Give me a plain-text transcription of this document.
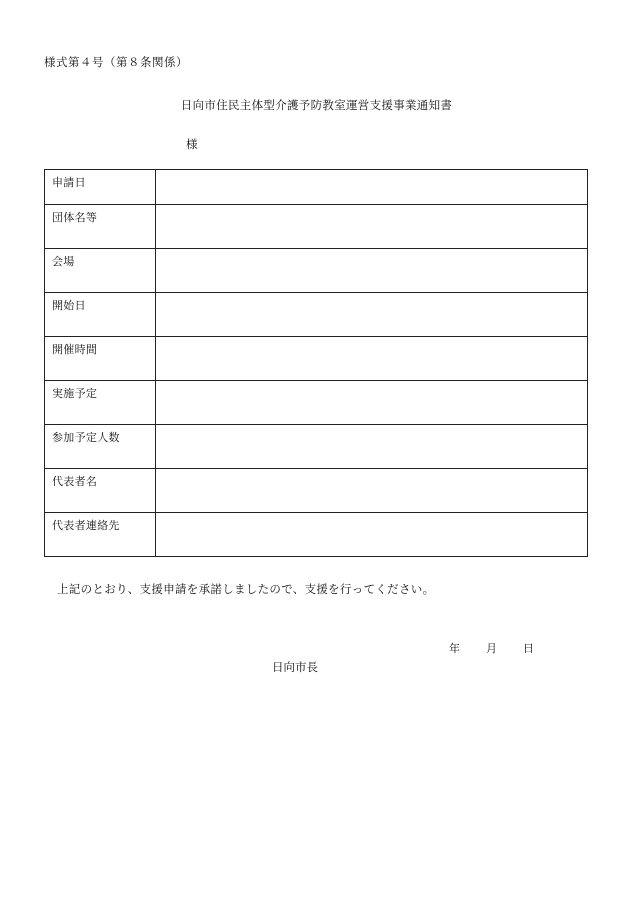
様式第４号（第８条関係）
日向市住民主体型介護予防教室運営支援事業通知書
様
申請日	
団体名等	
会場	
開始日	
開催時間	
実施予定	
参加予定人数	
代表者名	
代表者連絡先	
上記のとおり、支援申請を承諾しましたので、支援を行ってください。
年 月 日
日向市長
